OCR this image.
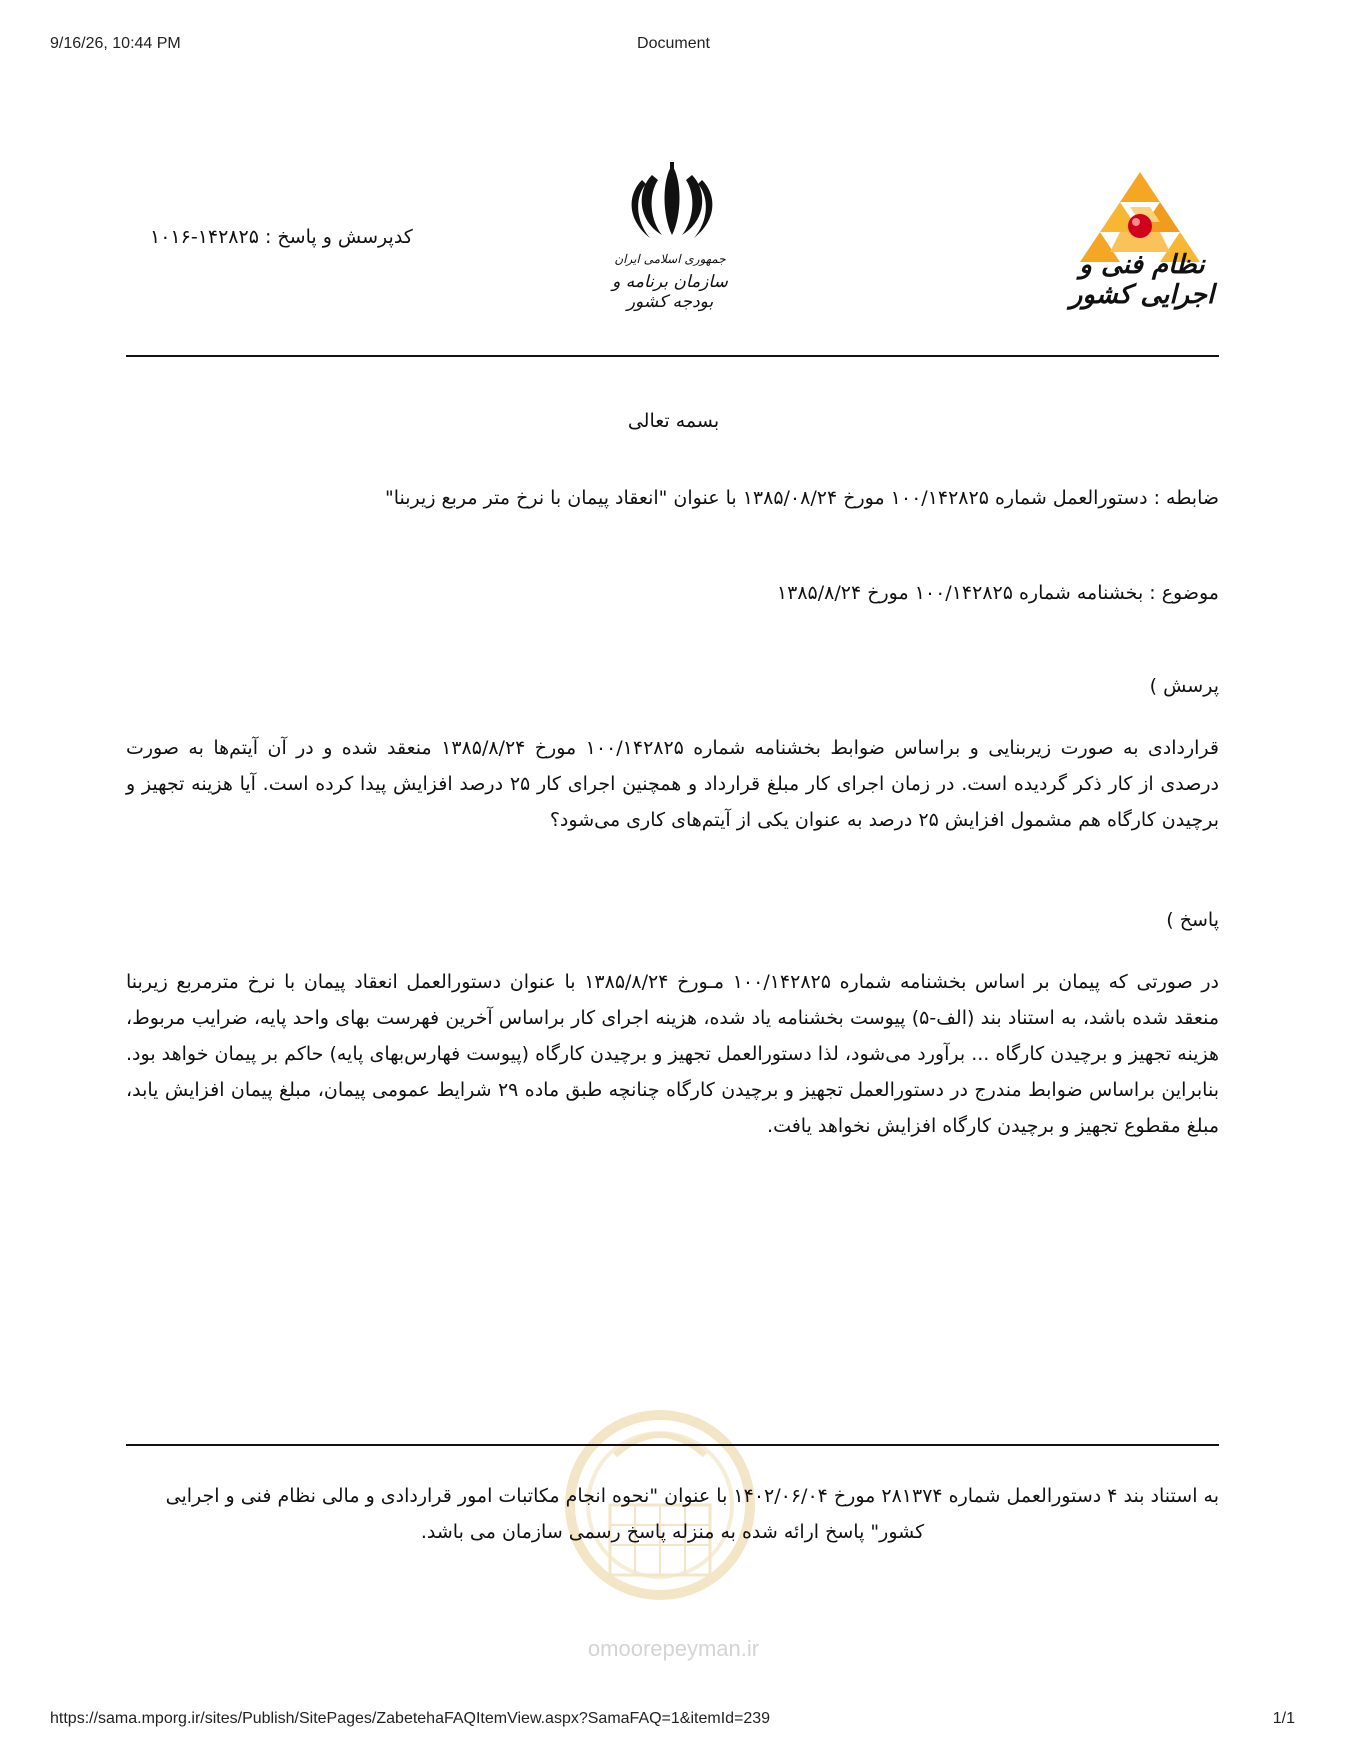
9/16/26, 10:44 PM	Document
نظام فنی و اجرایی کشور
جمهوری اسلامی ایران
سازمان برنامه و بودجه کشور
کدپرسش و پاسخ : ۱۴۲۸۲۵-۱۰۱۶
بسمه تعالی
ضابطه : دستورالعمل شماره ۱۰۰/۱۴۲۸۲۵ مورخ ۱۳۸۵/۰۸/۲۴ با عنوان "انعقاد پیمان با نرخ متر مربع زیربنا"
موضوع : بخشنامه شماره ۱۰۰/۱۴۲۸۲۵ مورخ ۱۳۸۵/۸/۲۴
پرسش )
قراردادی به صورت زیربنایی و براساس ضوابط بخشنامه شماره ۱۰۰/۱۴۲۸۲۵ مورخ ۱۳۸۵/۸/۲۴ منعقد شده و در آن آیتم‌ها به صورت درصدی از کار ذکر گردیده است. در زمان اجرای کار مبلغ قرارداد و همچنین اجرای کار ۲۵ درصد افزایش پیدا کرده است. آیا هزینه تجهیز و برچیدن کارگاه هم مشمول افزایش ۲۵ درصد به عنوان یکی از آیتم‌های کاری می‌شود؟
پاسخ )
در صورتی که پیمان بر اساس بخشنامه شماره ۱۰۰/۱۴۲۸۲۵ مـورخ ۱۳۸۵/۸/۲۴ با عنوان دستورالعمل انعقاد پیمان با نرخ مترمربع زیربنا منعقد شده باشد، به استناد بند (الف-۵) پیوست بخشنامه یاد شده، هزینه اجرای کار براساس آخرین فهرست بهای واحد پایه، ضرایب مربوط، هزینه تجهیز و برچیدن کارگاه ... برآورد می‌شود، لذا دستورالعمل تجهیز و برچیدن کارگاه (پیوست فهارس‌بهای پایه) حاکم بر پیمان خواهد بود. بنابراین براساس ضوابط مندرج در دستورالعمل تجهیز و برچیدن کارگاه چنانچه طبق ماده ۲۹ شرایط عمومی پیمان، مبلغ پیمان افزایش یابد، مبلغ مقطوع تجهیز و برچیدن کارگاه افزایش نخواهد یافت.
به استناد بند ۴ دستورالعمل شماره ۲۸۱۳۷۴ مورخ ۱۴۰۲/۰۶/۰۴ با عنوان "نحوه انجام مکاتبات امور قراردادی و مالی نظام فنی و اجرایی
کشور" پاسخ ارائه شده به منزله پاسخ رسمی سازمان می باشد.
omoorepeyman.ir
https://sama.mporg.ir/sites/Publish/SitePages/ZabetehaFAQItemView.aspx?SamaFAQ=1&itemId=239	1/1
